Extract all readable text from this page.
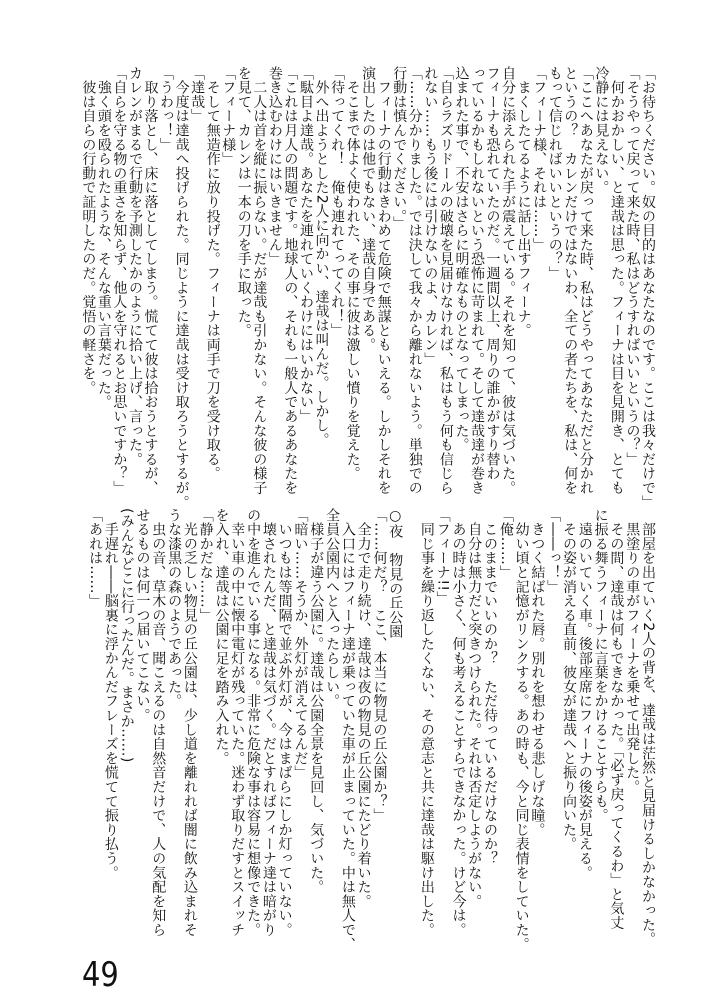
「お待ちください。奴の目的はあなたなのです。ここは我々だけで」

「そうやって戻って来た時、私はどうすればいいというの？」

　何かおかしい、と達哉は思った。フィーナは目を見開き、とても

冷静には見えない。

「ここへあなたが戻って来た時、私はどうやってあなただと分かれ

というの？　カレンだけではないわ、全ての者たちを、私は、何を

もって信じればいいというの？」

「フィーナ様、それは……」

　まくしたてるように話し出すフィーナ。

自分に添えられた手が震えている。それを知って、彼は気づいた。

フィーナも恐れていたのだ。一週間以上、周りの誰かがすり替わ

っているかもしれないという恐怖に苛まれて。そして達哉達が巻き

込まれた事で、不安はさらに明確なものとなってしまった。

「自らラズリドールの破壊を見届けなければ、私はもう何も信じら

れない……もう後には引けないのよ、カレン」

「……分かりました。では決して我々から離れないよう。単独での

行動は慎んでください。」

　フィーナの行動はきわめて危険で無謀ともいえる。しかしそれを

演出したのは他でもない、達哉自身である。

　そこまで体よく使われた、その事に彼は激しい憤りを覚えた。

「待ってくれ！　俺も連れてってくれ！」

　外へ出ようとした2人に向かい、達哉は叫んだ。しかし。

「駄目よ達哉。あなたを連れていくわけにはいかない」

「これは月人の問題です。地球人の、それも一般人であるあなたを

巻き込むわけにはいきません」

　二人は首を縦に振らない。だが達哉も引かない。そんな彼の様子

を見て、カレンは一本の刀を手に取った。

「フィーナ様」

　そして無造作に放り投げた。フィーナは両手で刀を受け取る。

「達哉」

　今度は達哉へ投げられた。同じように達哉は受け取ろうとするが。

「うわっ！」

　取り落とし、床に落としてしまう。慌てて彼は拾おうとするが、

カレンがまるで行動を予測したかのように拾い上げ、言った。

「自らを守る物の重さを知らず、他人を守れるとお思いですか？」

　強く頭を殴られたような、そんな重い言葉だった。

　彼は自らの行動で証明したのだ。覚悟の軽さを。

　部屋を出ていく2人の背を、達哉は茫然と見届けるしかなかった。

　黒塗りの車がフィーナを乗せて出発した。

　その間、達哉は何もできなかった。「必ず戻ってくるわ」と気丈

に振る舞うフィーナに言葉をかけることすらも。

　遠のいていく車。後部座席にフィーナの後姿が見える。

　その姿が消える直前、彼女が達哉へと振り向いた。

「――っ！」

　きつく結ばれた唇。別れを想わせる悲しげな瞳。

　幼い頃と記憶がリンクする。あの時も、今と同じ表情をしていた。

「俺……」

　このままでいいのか？　ただ待っているだけなのか？

　自分は無力だと突きつけられた。それは否定しようがない。

　あの時は小さく、何も考えることすらできなかった。けど今は。

「フィーナ!!」

　同じ事を繰り返したくない、その意志と共に達哉は駆け出した。

○夜　物見の丘公園

「……何だ？　ここ、本当に物見の丘公園か？」

　全力で走り続け、達哉は夜の物見の丘公園にたどり着いた。

　入口にはフィーナ達が乗っていた車が止まっていた。中は無人で、

全員公園内へと入ったらしい。

　様子が違う公園に。達哉は公園全景を見回し、気づいた。

「暗い……そうか、外灯が消えてるんだ」

　いつもは等間隔で並ぶ外灯が、今はまばらにしか灯っていない。

　壊されたんだ、と達哉は気づく。だとすればフィーナ達は暗がり

の中を進んでいる事になる。非常に危険な事は容易に想像できた。

　幸い車の中に懐中電灯が残っていた。迷わず取りだすとスイッチ

を入れ、達哉は公園に足を踏み入れた。

「静かだな……」

　光の乏しい物見の丘公園は、少し道を離れれば闇に飲み込まれそ

うな漆黒の森のようであった。

　虫の音、草木の音、聞こえるのは自然音だけで、人の気配を知ら

せるものは何一つ届いてこない。

(みんなどこに行ったんだ。まさか……)

　手遅れ――脳裏に浮かんだフレーズを慌てて振り払う。

「あれは……」

49
